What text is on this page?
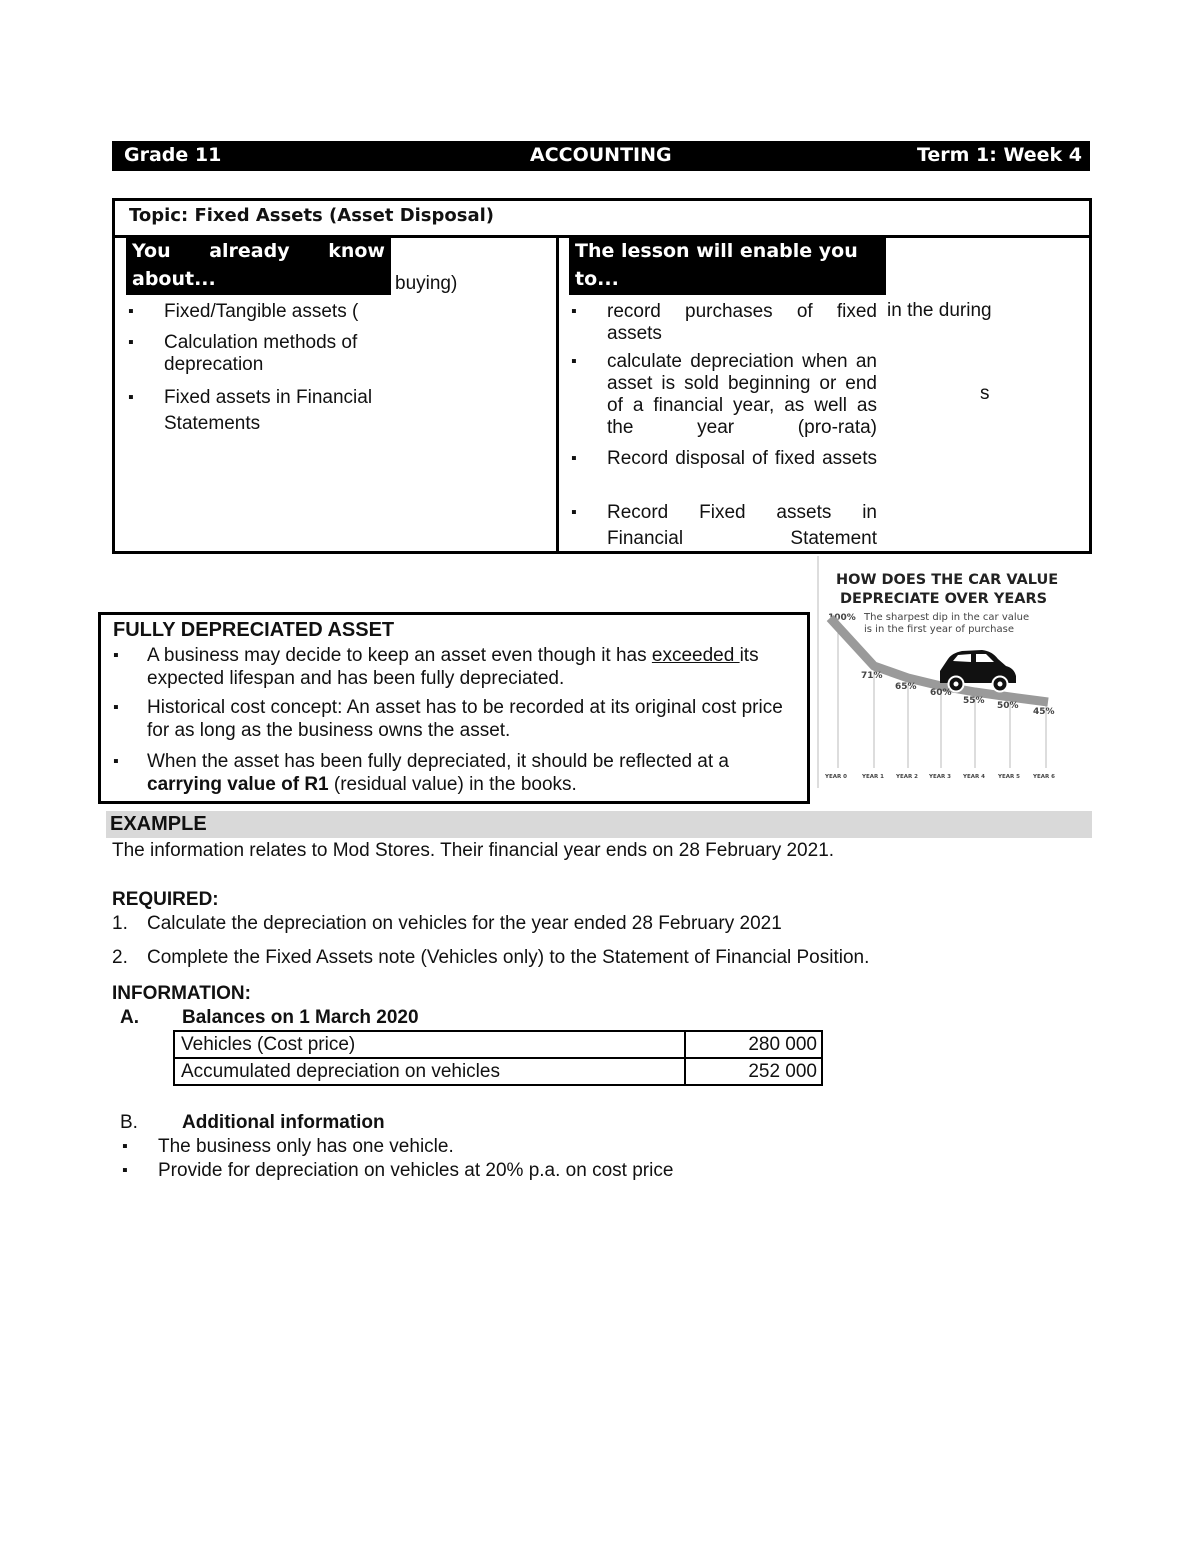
Grade 11	ACCOUNTING	Term 1: Week 4
Topic: Fixed Assets (Asset Disposal)
You already know about...	buying)
▪ Fixed/Tangible assets (
▪ Calculation methods of deprecation
▪ Fixed assets in Financial Statements
The lesson will enable you to...
in the during
s
▪ record purchases of fixed assets
▪ calculate depreciation when an asset is sold beginning or end of a financial year, as well as the year (pro-rata)
▪ Record disposal of fixed assets
▪ Record Fixed assets in Financial Statement
HOW DOES THE CAR VALUE
DEPRECIATE OVER YEARS
100% The sharpest dip in the car value
is in the first year of purchase
71%
65%
60%
55% 50%
45%
YEAR 0	YEAR 1 YEAR 2 YEAR 3 YEAR 4 YEAR 5 YEAR 6
FULLY DEPRECIATED ASSET
▪ A business may decide to keep an asset even though it has exceeded its expected lifespan and has been fully depreciated.
▪ Historical cost concept: An asset has to be recorded at its original cost price for as long as the business owns the asset.
▪ When the asset has been fully depreciated, it should be reflected at a carrying value of R1 (residual value) in the books.
EXAMPLE
The information relates to Mod Stores. Their financial year ends on 28 February 2021.
REQUIRED:
1. Calculate the depreciation on vehicles for the year ended 28 February 2021
2. Complete the Fixed Assets note (Vehicles only) to the Statement of Financial Position.
INFORMATION:
A. Balances on 1 March 2020
Vehicles (Cost price)	280 000
Accumulated depreciation on vehicles	252 000
B. Additional information
▪ The business only has one vehicle.
▪ Provide for depreciation on vehicles at 20% p.a. on cost price
